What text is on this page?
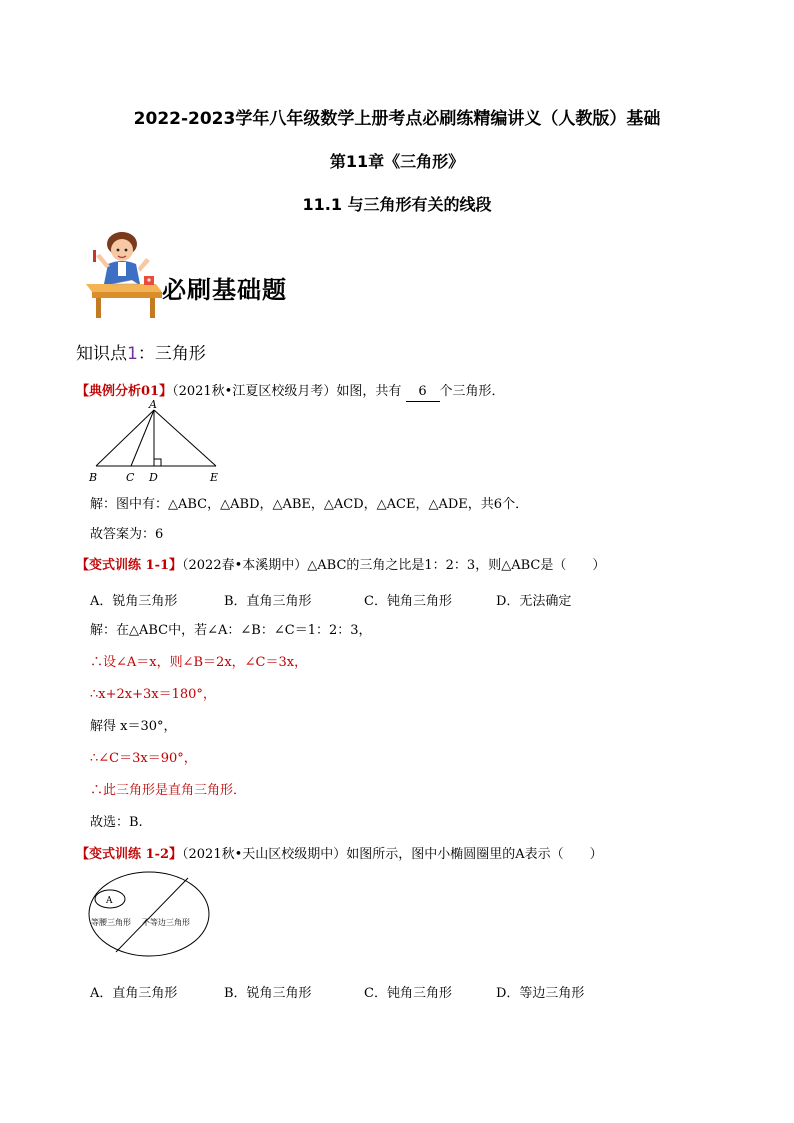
2022-2023学年八年级数学上册考点必刷练精编讲义（人教版）基础
第11章《三角形》
11.1 与三角形有关的线段
必刷基础题
知识点1：三角形
【典例分析01】（2021秋•江夏区校级月考）如图，共有 6 个三角形．
A
B	C D	E
解：图中有：△ABC，△ABD，△ABE，△ACD，△ACE，△ADE，共6个．
故答案为：6
【变式训练 1-1】（2022春•本溪期中）△ABC的三角之比是1：2：3，则△ABC是（　　）
A．锐角三角形	B．直角三角形	C．钝角三角形	D．无法确定
解：在△ABC中，若∠A：∠B：∠C＝1：2：3，
∴设∠A＝x，则∠B＝2x，∠C＝3x，
∴x+2x+3x＝180°，
解得 x＝30°，
∴∠C＝3x＝90°，
∴此三角形是直角三角形．
故选：B.
【变式训练 1-2】（2021秋•天山区校级期中）如图所示，图中小椭圆圈里的A表示（　　）
A
等腰三角形 不等边三角形
A．直角三角形	B．锐角三角形	C．钝角三角形	D．等边三角形
